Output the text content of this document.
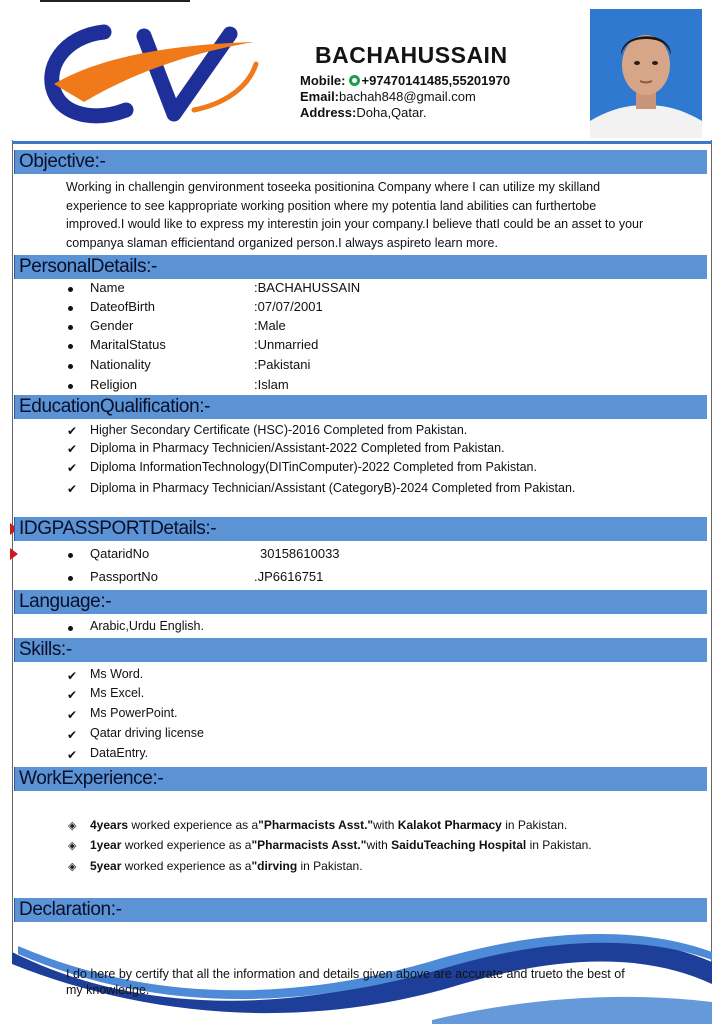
BACHAHUSSAIN
Mobile: +97470141485,55201970
Email:bachah848@gmail.com
Address:Doha,Qatar.
Objective:-

Working in challengin genvironment toseeka positionina Company where I can utilize my skilland

experience to see kappropriate working position where my potentia land abilities can furthertobe

improved.I would like to express my interestin join your company.I believe thatI could be an asset to your

companya slaman efficientand organized person.I always aspireto learn more.

PersonalDetails:-
Name	:BACHAHUSSAIN
DateofBirth	:07/07/2001
Gender	:Male
MaritalStatus	:Unmarried
Nationality	:Pakistani
Religion	:Islam
EducationQualification:-
✔ Higher Secondary Certificate (HSC)-2016 Completed from Pakistan.
✔ Diploma in Pharmacy Technicien/Assistant-2022 Completed from Pakistan.
✔ Diploma InformationTechnology(DITinComputer)-2022 Completed from Pakistan.
✔ Diploma in Pharmacy Technician/Assistant (CategoryB)-2024 Completed from Pakistan.
IDGPASSPORTDetails:-
QataridNo	30158610033
PassportNo	.JP6616751
Language:-
Arabic,Urdu English.
Skills:-
✔ Ms Word.
✔ Ms Excel.
✔ Ms PowerPoint.
✔ Qatar driving license
✔ DataEntry.
WorkExperience:-
◈ 4years worked experience as a"Pharmacists Asst."with Kalakot Pharmacy in Pakistan.
◈ 1year worked experience as a"Pharmacists Asst."with SaiduTeaching Hospital in Pakistan.
◈ 5year worked experience as a"dirving in Pakistan.
Declaration:-

I do here by certify that all the information and details given above are accurate and trueto the best of

my knowledge.
